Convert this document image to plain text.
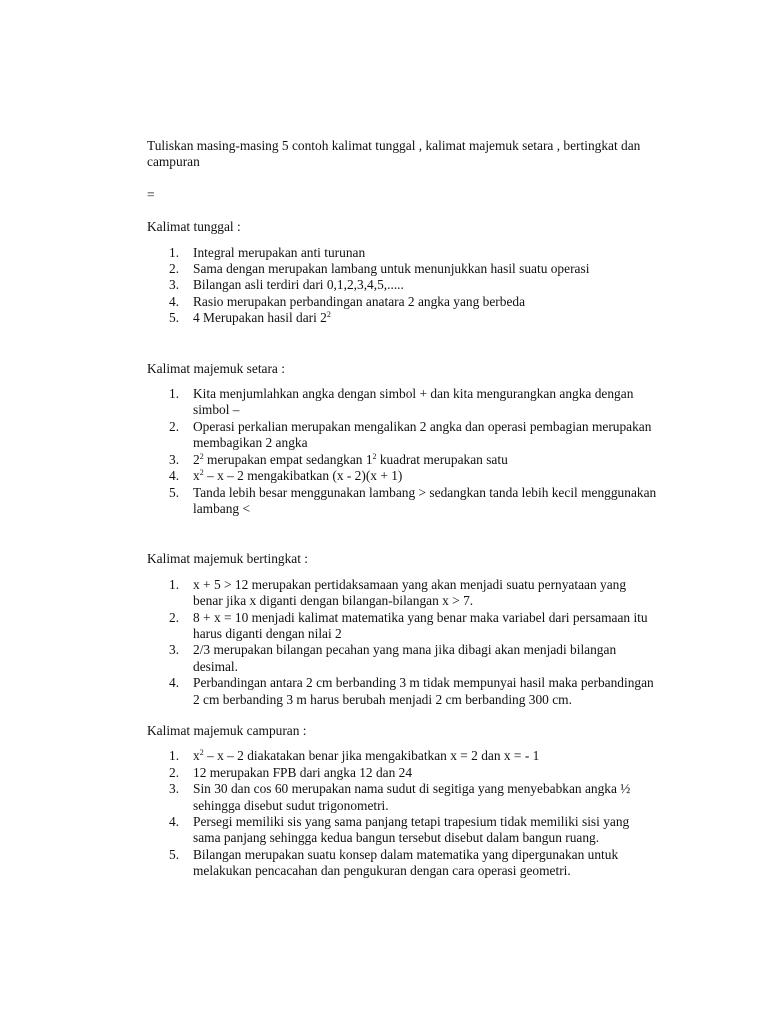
Tuliskan masing-masing 5 contoh kalimat tunggal , kalimat majemuk setara , bertingkat dan campuran

=

Kalimat tunggal :

1. Integral merupakan anti turunan
2. Sama dengan merupakan lambang untuk menunjukkan hasil suatu operasi
3. Bilangan asli terdiri dari 0,1,2,3,4,5,.....
4. Rasio merupakan perbandingan anatara 2 angka yang berbeda
5. 4 Merupakan hasil dari $2^2$

Kalimat majemuk setara :

1. Kita menjumlahkan angka dengan simbol + dan kita mengurangkan angka dengan simbol –
2. Operasi perkalian merupakan mengalikan 2 angka dan operasi pembagian merupakan membagikan 2 angka
3. $2^2$ merupakan empat sedangkan $1^2$ kuadrat merupakan satu
4. $x^2$ – x – 2 mengakibatkan (x - 2)(x + 1)
5. Tanda lebih besar menggunakan lambang > sedangkan tanda lebih kecil menggunakan lambang <

Kalimat majemuk bertingkat :

1. x + 5 > 12 merupakan pertidaksamaan yang akan menjadi suatu pernyataan yang benar jika x diganti dengan bilangan-bilangan x > 7.
2. 8 + x = 10 menjadi kalimat matematika yang benar maka variabel dari persamaan itu harus diganti dengan nilai 2
3. 2/3 merupakan bilangan pecahan yang mana jika dibagi akan menjadi bilangan desimal.
4. Perbandingan antara 2 cm berbanding 3 m tidak mempunyai hasil maka perbandingan 2 cm berbanding 3 m harus berubah menjadi 2 cm berbanding 300 cm.

Kalimat majemuk campuran :

1. $x^2$ – x – 2 diakatakan benar jika mengakibatkan x = 2 dan x = - 1
2. 12 merupakan FPB dari angka 12 dan 24
3. Sin 30 dan cos 60 merupakan nama sudut di segitiga yang menyebabkan angka ½ sehingga disebut sudut trigonometri.
4. Persegi memiliki sis yang sama panjang tetapi trapesium tidak memiliki sisi yang sama panjang sehingga kedua bangun tersebut disebut dalam bangun ruang.
5. Bilangan merupakan suatu konsep dalam matematika yang dipergunakan untuk melakukan pencacahan dan pengukuran dengan cara operasi geometri.
